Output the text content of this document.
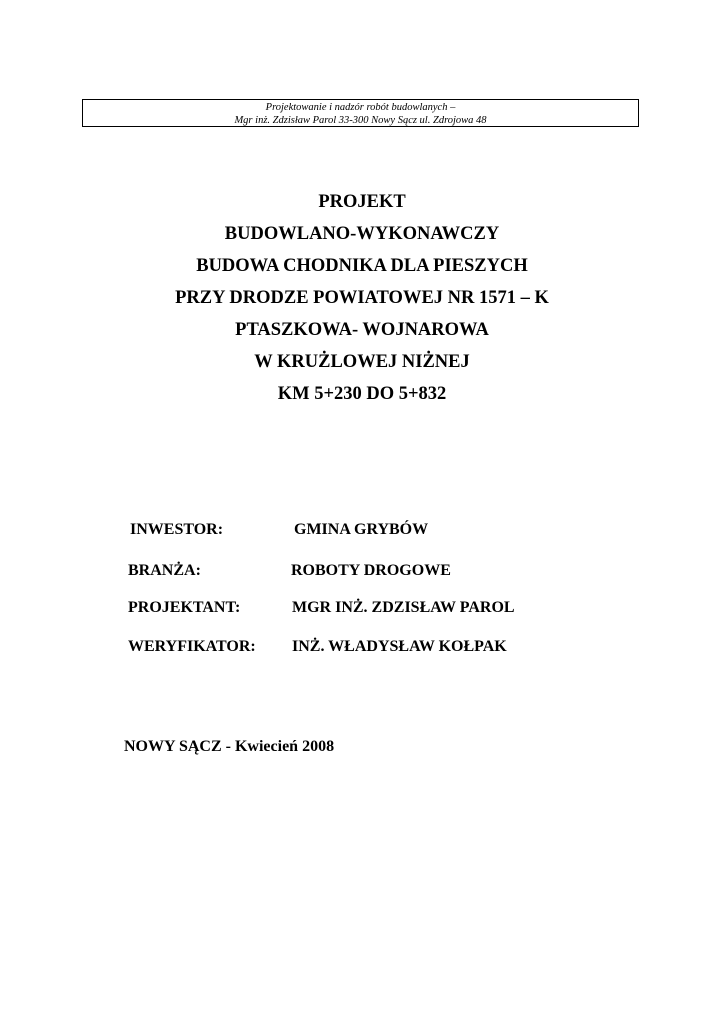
Projektowanie i nadzór robót budowlanych –
Mgr inż. Zdzisław Parol 33-300 Nowy Sącz ul. Zdrojowa 48
PROJEKT
BUDOWLANO-WYKONAWCZY
BUDOWA CHODNIKA DLA PIESZYCH
PRZY DRODZE POWIATOWEJ NR 1571 – K
PTASZKOWA- WOJNAROWA
W KRUŻLOWEJ NIŻNEJ
KM 5+230 DO 5+832
INWESTOR:	GMINA GRYBÓW
BRANŻA:	ROBOTY DROGOWE
PROJEKTANT:	MGR INŻ. ZDZISŁAW PAROL
WERYFIKATOR: INŻ. WŁADYSŁAW KOŁPAK
NOWY SĄCZ - Kwiecień 2008
